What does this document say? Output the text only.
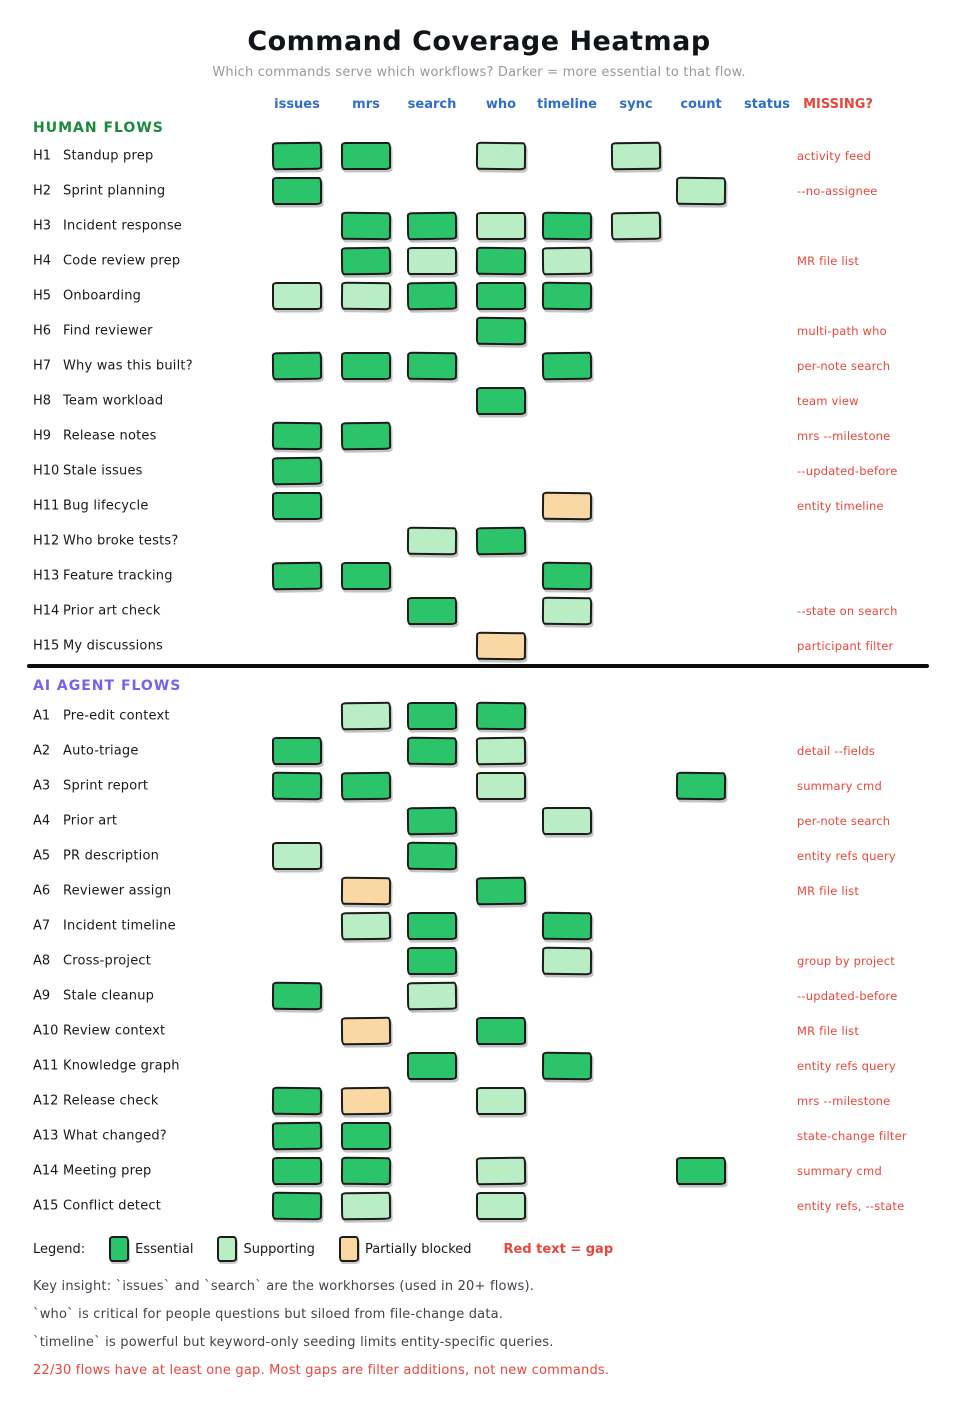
Command Coverage Heatmap
Which commands serve which workflows? Darker = more essential to that flow.
issues mrs search who timeline sync count status MISSING?
HUMAN FLOWS
H1 Standup prep	activity feed
H2 Sprint planning	--no-assignee
H3 Incident response
H4 Code review prep	MR file list
H5 Onboarding
H6 Find reviewer	multi-path who
H7 Why was this built?	per-note search
H8 Team workload	team view
H9 Release notes	mrs --milestone
H10 Stale issues	--updated-before
H11 Bug lifecycle	entity timeline
H12 Who broke tests?
H13 Feature tracking
H14 Prior art check	--state on search
H15 My discussions	participant filter
AI AGENT FLOWS
A1 Pre-edit context
A2 Auto-triage	detail --fields
A3 Sprint report	summary cmd
A4 Prior art	per-note search
A5 PR description	entity refs query
A6 Reviewer assign	MR file list
A7 Incident timeline
A8 Cross-project	group by project
A9 Stale cleanup	--updated-before
A10 Review context	MR file list
A11 Knowledge graph	entity refs query
A12 Release check	mrs --milestone
A13 What changed?	state-change filter
A14 Meeting prep	summary cmd
A15 Conflict detect	entity refs, --state
Legend:	Essential	Supporting	Partially blocked Red text = gap
Key insight: `issues` and `search` are the workhorses (used in 20+ flows).
`who` is critical for people questions but siloed from file-change data.
`timeline` is powerful but keyword-only seeding limits entity-specific queries.
22/30 flows have at least one gap. Most gaps are filter additions, not new commands.
